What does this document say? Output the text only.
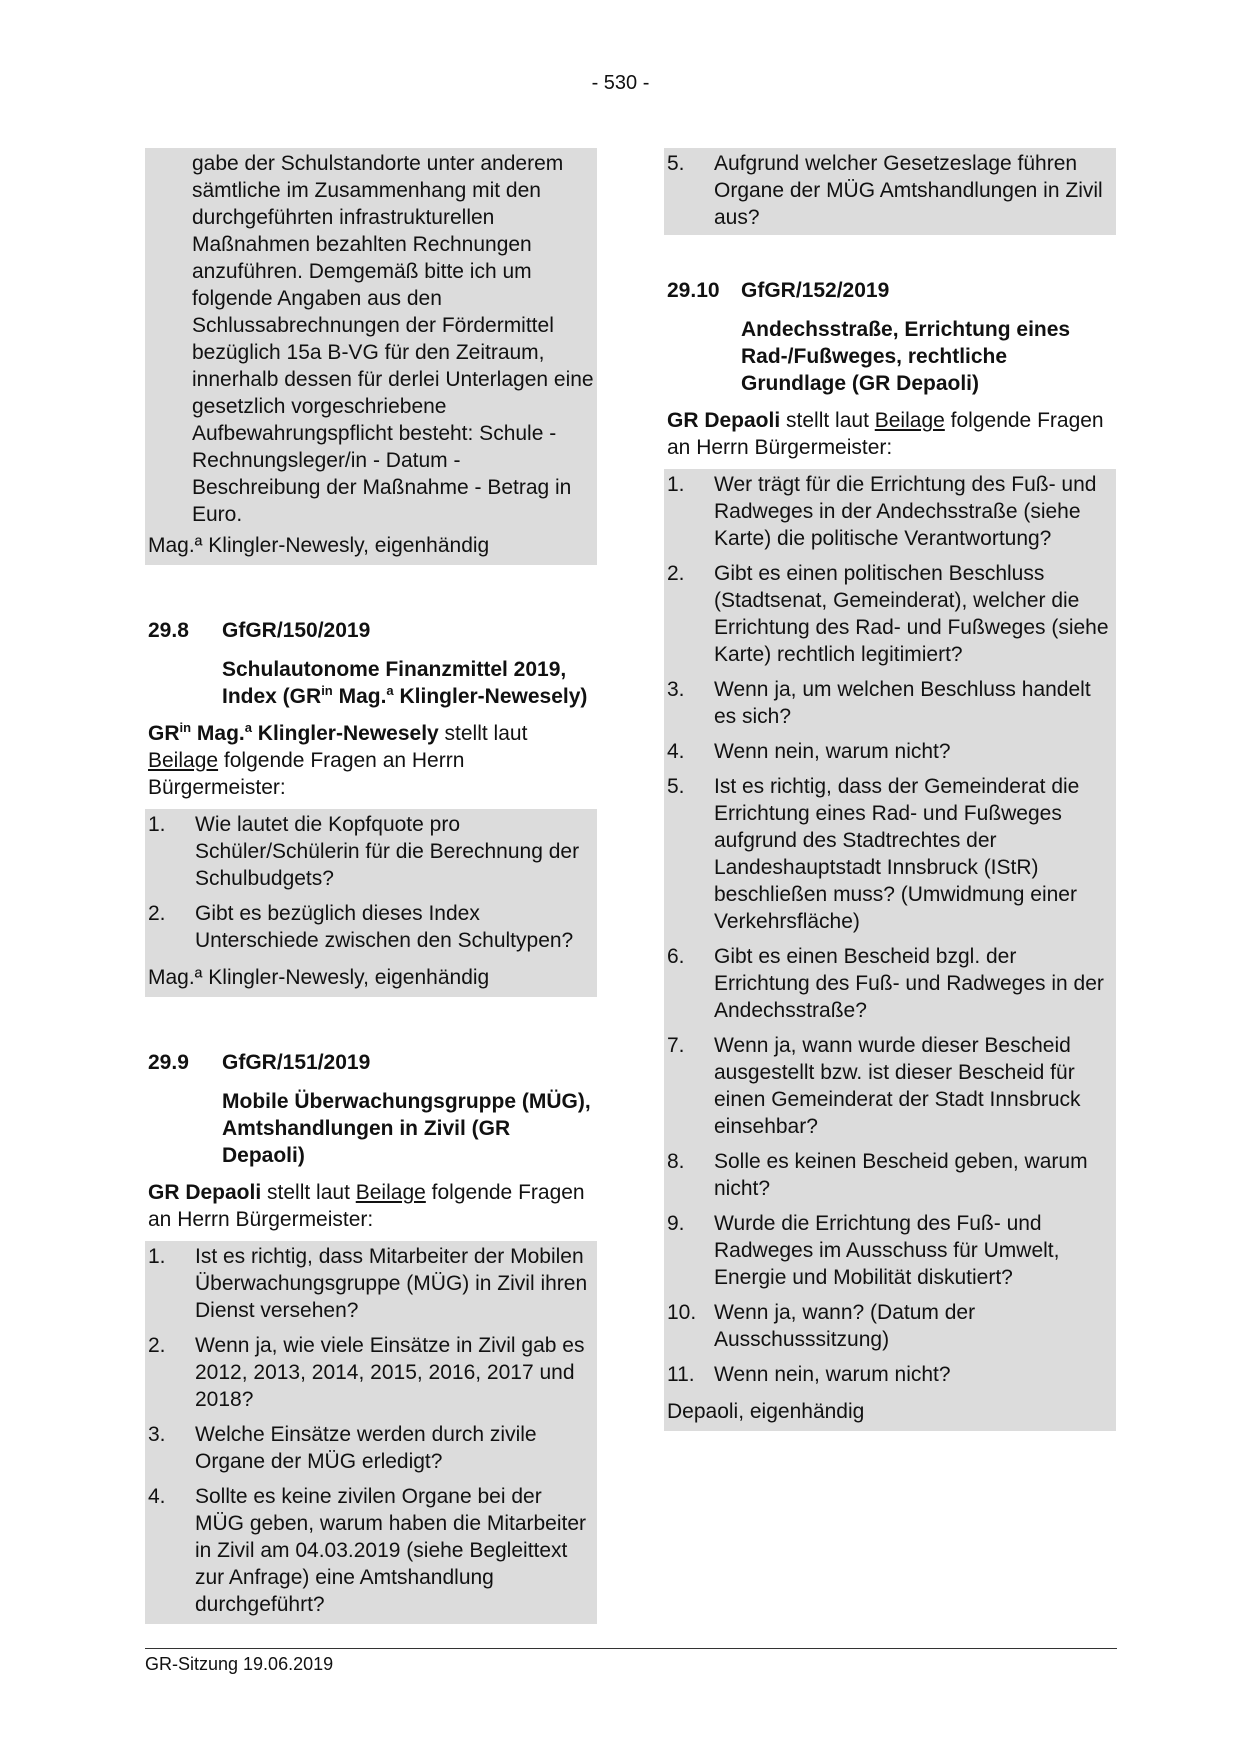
- 530 -
gabe der Schulstandorte unter anderem sämtliche im Zusammenhang mit den durchgeführten infrastrukturellen Maßnahmen bezahlten Rechnungen anzuführen. Demgemäß bitte ich um folgende Angaben aus den Schlussabrechnungen der Fördermittel bezüglich 15a B-VG für den Zeitraum, innerhalb dessen für derlei Unterlagen eine gesetzlich vorgeschriebene Aufbewahrungspflicht besteht: Schule - Rechnungsleger/in - Datum - Beschreibung der Maßnahme - Betrag in Euro.
Mag.ª Klingler-Newesly, eigenhändig
29.8	GfGR/150/2019
Schulautonome Finanzmittel 2019, Index ($GR^{in}$ Mag.$^a$ Klingler-Newesely)
$GR^{in}$ Mag.$^a$ Klingler-Newesely stellt laut Beilage folgende Fragen an Herrn Bürgermeister:
1.	Wie lautet die Kopfquote pro Schüler/Schülerin für die Berechnung der Schulbudgets?
2.	Gibt es bezüglich dieses Index Unterschiede zwischen den Schultypen?
Mag.ª Klingler-Newesly, eigenhändig
29.9	GfGR/151/2019
Mobile Überwachungsgruppe (MÜG), Amtshandlungen in Zivil (GR Depaoli)
GR Depaoli stellt laut Beilage folgende Fragen an Herrn Bürgermeister:
1.	Ist es richtig, dass Mitarbeiter der Mobilen Überwachungsgruppe (MÜG) in Zivil ihren Dienst versehen?
2.	Wenn ja, wie viele Einsätze in Zivil gab es 2012, 2013, 2014, 2015, 2016, 2017 und 2018?
3.	Welche Einsätze werden durch zivile Organe der MÜG erledigt?
4.	Sollte es keine zivilen Organe bei der MÜG geben, warum haben die Mitarbeiter in Zivil am 04.03.2019 (siehe Begleittext zur Anfrage) eine Amtshandlung durchgeführt?
5.	Aufgrund welcher Gesetzeslage führen Organe der MÜG Amtshandlungen in Zivil aus?
29.10	GfGR/152/2019
Andechsstraße, Errichtung eines Rad-/Fußweges, rechtliche Grundlage (GR Depaoli)
GR Depaoli stellt laut Beilage folgende Fragen an Herrn Bürgermeister:
1.	Wer trägt für die Errichtung des Fuß- und Radweges in der Andechsstraße (siehe Karte) die politische Verantwortung?
2.	Gibt es einen politischen Beschluss (Stadtsenat, Gemeinderat), welcher die Errichtung des Rad- und Fußweges (siehe Karte) rechtlich legitimiert?
3.	Wenn ja, um welchen Beschluss handelt es sich?
4.	Wenn nein, warum nicht?
5.	Ist es richtig, dass der Gemeinderat die Errichtung eines Rad- und Fußweges aufgrund des Stadtrechtes der Landeshauptstadt Innsbruck (IStR) beschließen muss? (Umwidmung einer Verkehrsfläche)
6.	Gibt es einen Bescheid bzgl. der Errichtung des Fuß- und Radweges in der Andechsstraße?
7.	Wenn ja, wann wurde dieser Bescheid ausgestellt bzw. ist dieser Bescheid für einen Gemeinderat der Stadt Innsbruck einsehbar?
8.	Solle es keinen Bescheid geben, warum nicht?
9.	Wurde die Errichtung des Fuß- und Radweges im Ausschuss für Umwelt, Energie und Mobilität diskutiert?
10. Wenn ja, wann? (Datum der Ausschusssitzung)
11. Wenn nein, warum nicht?
Depaoli, eigenhändig
GR-Sitzung 19.06.2019
